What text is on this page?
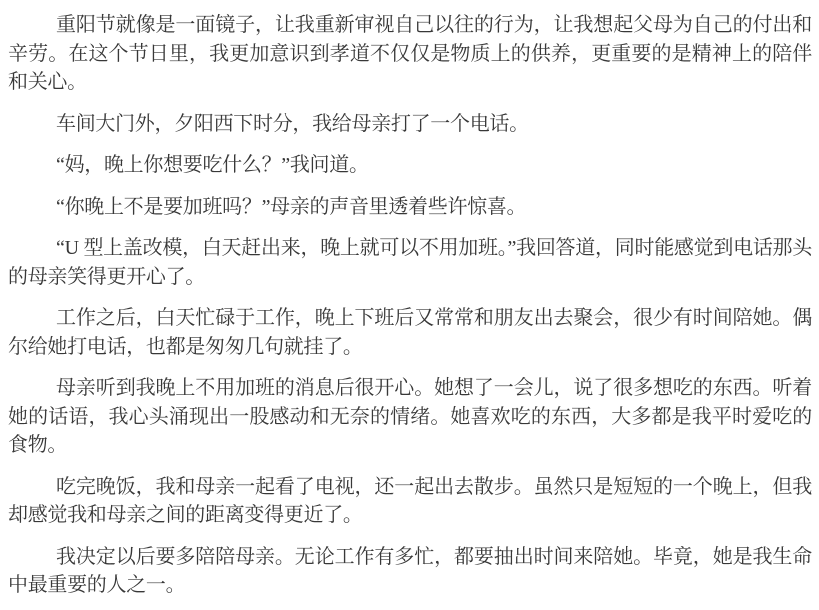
重阳节就像是一面镜子，让我重新审视自己以往的行为，让我想起父母为自己的付出和辛劳。在这个节日里，我更加意识到孝道不仅仅是物质上的供养，更重要的是精神上的陪伴和关心。

车间大门外，夕阳西下时分，我给母亲打了一个电话。

“妈，晚上你想要吃什么？”我问道。

“你晚上不是要加班吗？”母亲的声音里透着些许惊喜。

“U 型上盖改模，白天赶出来，晚上就可以不用加班。”我回答道，同时能感觉到电话那头的母亲笑得更开心了。

工作之后，白天忙碌于工作，晚上下班后又常常和朋友出去聚会，很少有时间陪她。偶尔给她打电话，也都是匆匆几句就挂了。

母亲听到我晚上不用加班的消息后很开心。她想了一会儿，说了很多想吃的东西。听着她的话语，我心头涌现出一股感动和无奈的情绪。她喜欢吃的东西，大多都是我平时爱吃的食物。

吃完晚饭，我和母亲一起看了电视，还一起出去散步。虽然只是短短的一个晚上，但我却感觉我和母亲之间的距离变得更近了。

我决定以后要多陪陪母亲。无论工作有多忙，都要抽出时间来陪她。毕竟，她是我生命中最重要的人之一。
